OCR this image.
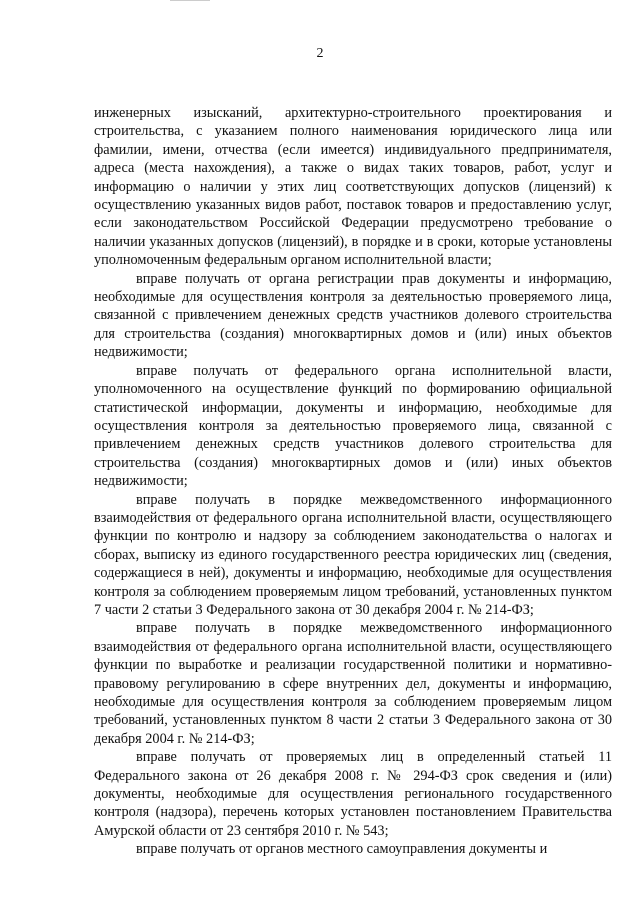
2

инженерных изысканий, архитектурно-строительного проектирования и строительства, с указанием полного наименования юридического лица или фамилии, имени, отчества (если имеется) индивидуального предпринимателя, адреса (места нахождения), а также о видах таких товаров, работ, услуг и информацию о наличии у этих лиц соответствующих допусков (лицензий) к осуществлению указанных видов работ, поставок товаров и предоставлению услуг, если законодательством Российской Федерации предусмотрено требование о наличии указанных допусков (лицензий), в порядке и в сроки, которые установлены уполномоченным федеральным органом исполнительной власти;

вправе получать от органа регистрации прав документы и информацию, необходимые для осуществления контроля за деятельностью проверяемого лица, связанной с привлечением денежных средств участников долевого строительства для строительства (создания) многоквартирных домов и (или) иных объектов недвижимости;

вправе получать от федерального органа исполнительной власти, уполномоченного на осуществление функций по формированию официальной статистической информации, документы и информацию, необходимые для осуществления контроля за деятельностью проверяемого лица, связанной с привлечением денежных средств участников долевого строительства для строительства (создания) многоквартирных домов и (или) иных объектов недвижимости;

вправе получать в порядке межведомственного информационного взаимодействия от федерального органа исполнительной власти, осуществляющего функции по контролю и надзору за соблюдением законодательства о налогах и сборах, выписку из единого государственного реестра юридических лиц (сведения, содержащиеся в ней), документы и информацию, необходимые для осуществления контроля за соблюдением проверяемым лицом требований, установленных пунктом 7 части 2 статьи 3 Федерального закона от 30 декабря 2004 г. № 214-ФЗ;

вправе получать в порядке межведомственного информационного взаимодействия от федерального органа исполнительной власти, осуществляющего функции по выработке и реализации государственной политики и нормативно-правовому регулированию в сфере внутренних дел, документы и информацию, необходимые для осуществления контроля за соблюдением проверяемым лицом требований, установленных пунктом 8 части 2 статьи 3 Федерального закона от 30 декабря 2004 г. № 214-ФЗ;

вправе получать от проверяемых лиц в определенный статьей 11 Федерального закона от 26 декабря 2008 г. № 294-ФЗ срок сведения и (или) документы, необходимые для осуществления регионального государственного контроля (надзора), перечень которых установлен постановлением Правительства Амурской области от 23 сентября 2010 г. № 543;

вправе получать от органов местного самоуправления документы и
